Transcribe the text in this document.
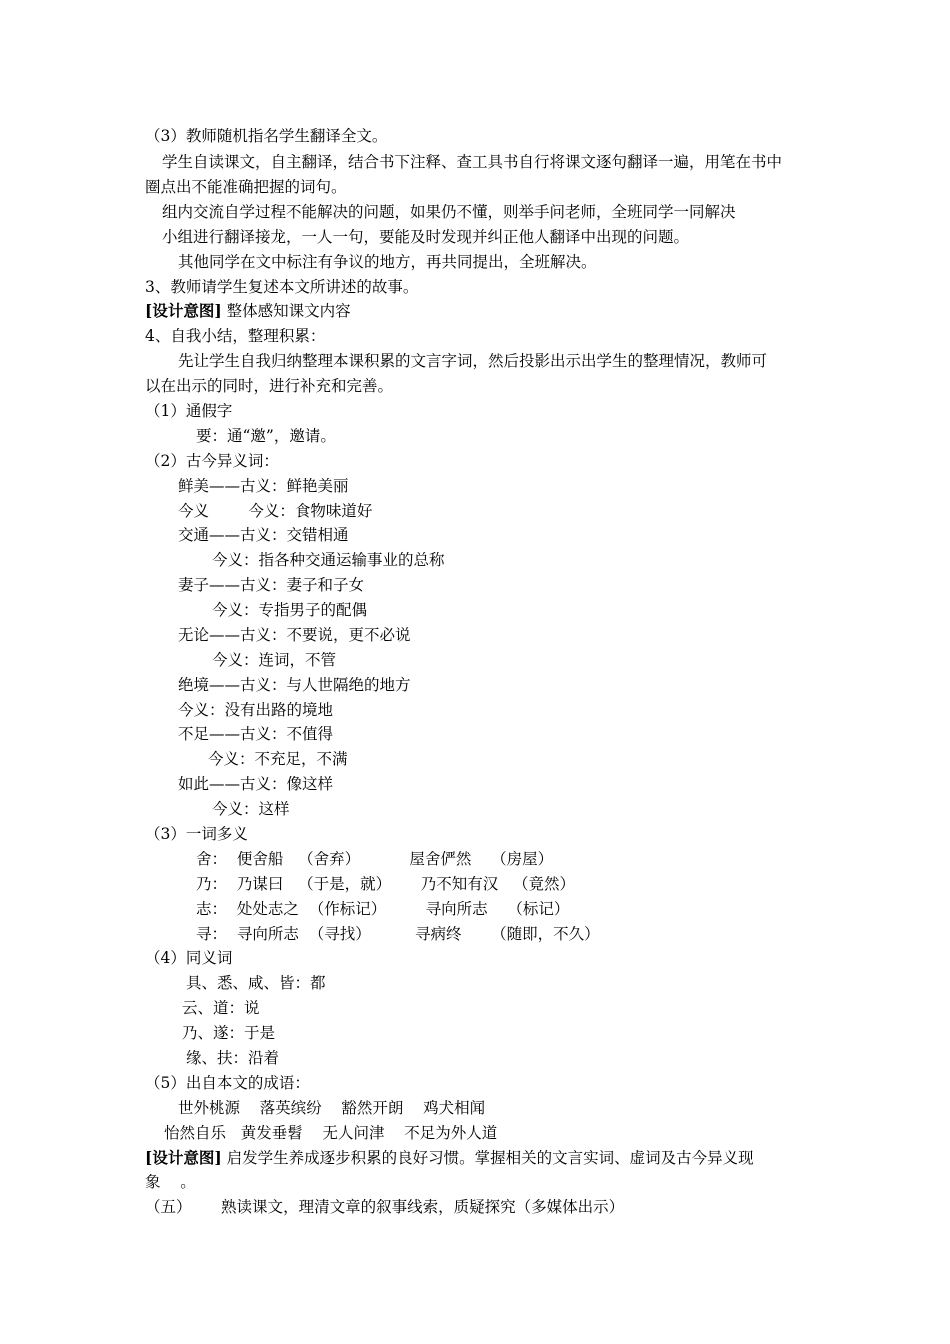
（3）教师随机指名学生翻译全文。
学生自读课文，自主翻译，结合书下注释、查工具书自行将课文逐句翻译一遍，用笔在书中
圈点出不能准确把握的词句。
组内交流自学过程不能解决的问题，如果仍不懂，则举手问老师，全班同学一同解决
小组进行翻译接龙，一人一句，要能及时发现并纠正他人翻译中出现的问题。
其他同学在文中标注有争议的地方，再共同提出，全班解决。
3、教师请学生复述本文所讲述的故事。
[设计意图] 整体感知课文内容
4、自我小结，整理积累：
先让学生自我归纳整理本课积累的文言字词，然后投影出示出学生的整理情况，教师可
以在出示的同时，进行补充和完善。
（1）通假字
要：通“邀”，邀请。
（2）古今异义词：
鲜美——古义：鲜艳美丽
今义        今义：食物味道好
交通——古义：交错相通
今义：指各种交通运输事业的总称
妻子——古义：妻子和子女
今义：专指男子的配偶
无论——古义：不要说，更不必说
今义：连词，不管
绝境——古义：与人世隔绝的地方
今义：没有出路的境地
不足——古义：不值得
今义：不充足，不满
如此——古义：像这样
今义：这样
（3）一词多义
舍：  便舍船   （舍弃）          屋舍俨然    （房屋）
乃：  乃谋曰   （于是，就）      乃不知有汉   （竟然）
志：  处处志之  （作标记）        寻向所志    （标记）
寻：  寻向所志  （寻找）         寻病终      （随即，不久）
（4）同义词
具、悉、咸、皆：都
云、道：说
乃、遂：于是
缘、扶：沿着
（5）出自本文的成语：
世外桃源    落英缤纷    豁然开朗    鸡犬相闻
怡然自乐   黄发垂髫    无人问津    不足为外人道
[设计意图] 启发学生养成逐步积累的良好习惯。掌握相关的文言实词、虚词及古今异义现
象    。
（五）      熟读课文，理清文章的叙事线索，质疑探究（多媒体出示）
